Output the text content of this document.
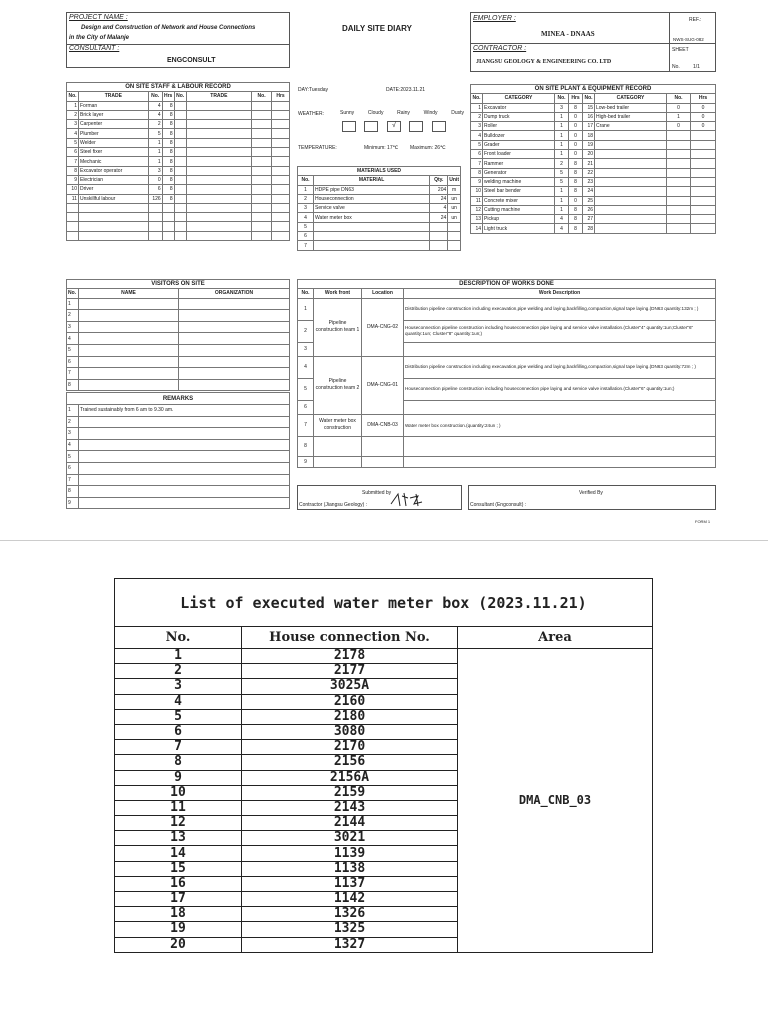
PROJECT NAME :
Design and Construction of Network and House Connections
in the City of Malanje
CONSULTANT :
ENGCONSULT
DAILY SITE DIARY
EMPLOYER :
MINEA - DNAAS
CONTRACTOR :
JIANGSU GEOLOGY & ENGINEERING CO. LTD
REF.:
NWS-SUG-082
SHEET
No.	1/1
ON SITE STAFF & LABOUR RECORD							
No.	TRADE	No.	Hrs	No.	TRADE	No.	Hrs
1	Forman	4	8				
2	Brick layer	4	8				
3	Carpenter	2	8				
4	Plumber	5	8				
5	Welder	1	8				
6	Steel fixer	1	8				
7	Mechanic	1	8				
8	Excavator operator	3	8				
9	Electrician	0	8				
10	Driver	6	8				
11	Unskillful labour	126	8				

DAY:Tuesday	DATE:2023.11.21
WEATHER:	Sunny	Cloudy	Rainy	Windy	Dusty
√
TEMPERATURE:	Minimum: 17℃ Maximum: 26℃
MATERIALS USED			
No.	MATERIAL	Qty.	Unit
1	HDPE pipe DN63	204	m
2	Houseconnection	24	un
3	Service valve	4	un
4	Water meter box	24	un
5			
6			
7			
ON SITE PLANT & EQUIPMENT RECORD							
No.	CATEGORY	No.	Hrs	No.	CATEGORY	No.	Hrs
1	Excavator	3	8	15	Low-bed trailer	0	0
2	Dump truck	1	0	16	High-bed trailer	1	0
3	Roller	1	0	17	Crane	0	0
4	Bulldozer	1	0	18			
5	Grader	1	0	19			
6	Front loader	1	0	20			
7	Rammer	2	8	21			
8	Generator	5	8	22			
9	welding machine	5	8	23			
10	Steel bar bender	1	8	24			
11	Concrete mixer	1	0	25			
12	Cutting machine	1	8	26			
13	Pickup	4	8	27			
14	Light truck	4	8	28			
VISITORS ON SITE		
No.	NAME	ORGANIZATION
1		
2		
3		
4		
5		
6		
7		
8		
REMARKS	
1	Trained sustainably from 6 am to 9.30 am.
2	
3	
4	
5	
6	
7	
8	
9	
DESCRIPTION OF WORKS DONE			
No.	Work front	Location	Work Description
1	Pipeline construction team 1	DMA-CNG-02	Distribution pipeline construction including execavation,pipe welding and laying,backfilling,compaction,signal tape laying.(DN63 quantity:132m ; )
2			Houseconnection pipeline construction including houseconnection pipe laying and service valve installation.(Cluster"4" quantity:1un;Cluster"6" quantity:1un; Cluster"8" quantity:1un;)
3			
4	Pipeline construction team 2	DMA-CNG-01	Distribution pipeline construction including execavation,pipe welding and laying,backfilling,compaction,signal tape laying.(DN63 quantity:72m ; )
5			Houseconnection pipeline construction including houseconnection pipe laying and service valve installation.(Cluster"6" quantity:1un;)
6			
7	Water meter box construction	DMA-CNB-03	Water meter box construction.(quantity:24un ; )
8			
9			
Submitted by
Contractor (Jiangsu Geology) :
Verified By
Consultant (Engconsult) :
FORM 1
List of executed water meter box (2023.11.21)		
No.	House connection No.	Area
1	2178	DMA_CNB_03
2	2177	
3	3025A	
4	2160	
5	2180	
6	3080	
7	2170	
8	2156	
9	2156A	
10	2159	
11	2143	
12	2144	
13	3021	
14	1139	
15	1138	
16	1137	
17	1142	
18	1326	
19	1325	
20	1327	
